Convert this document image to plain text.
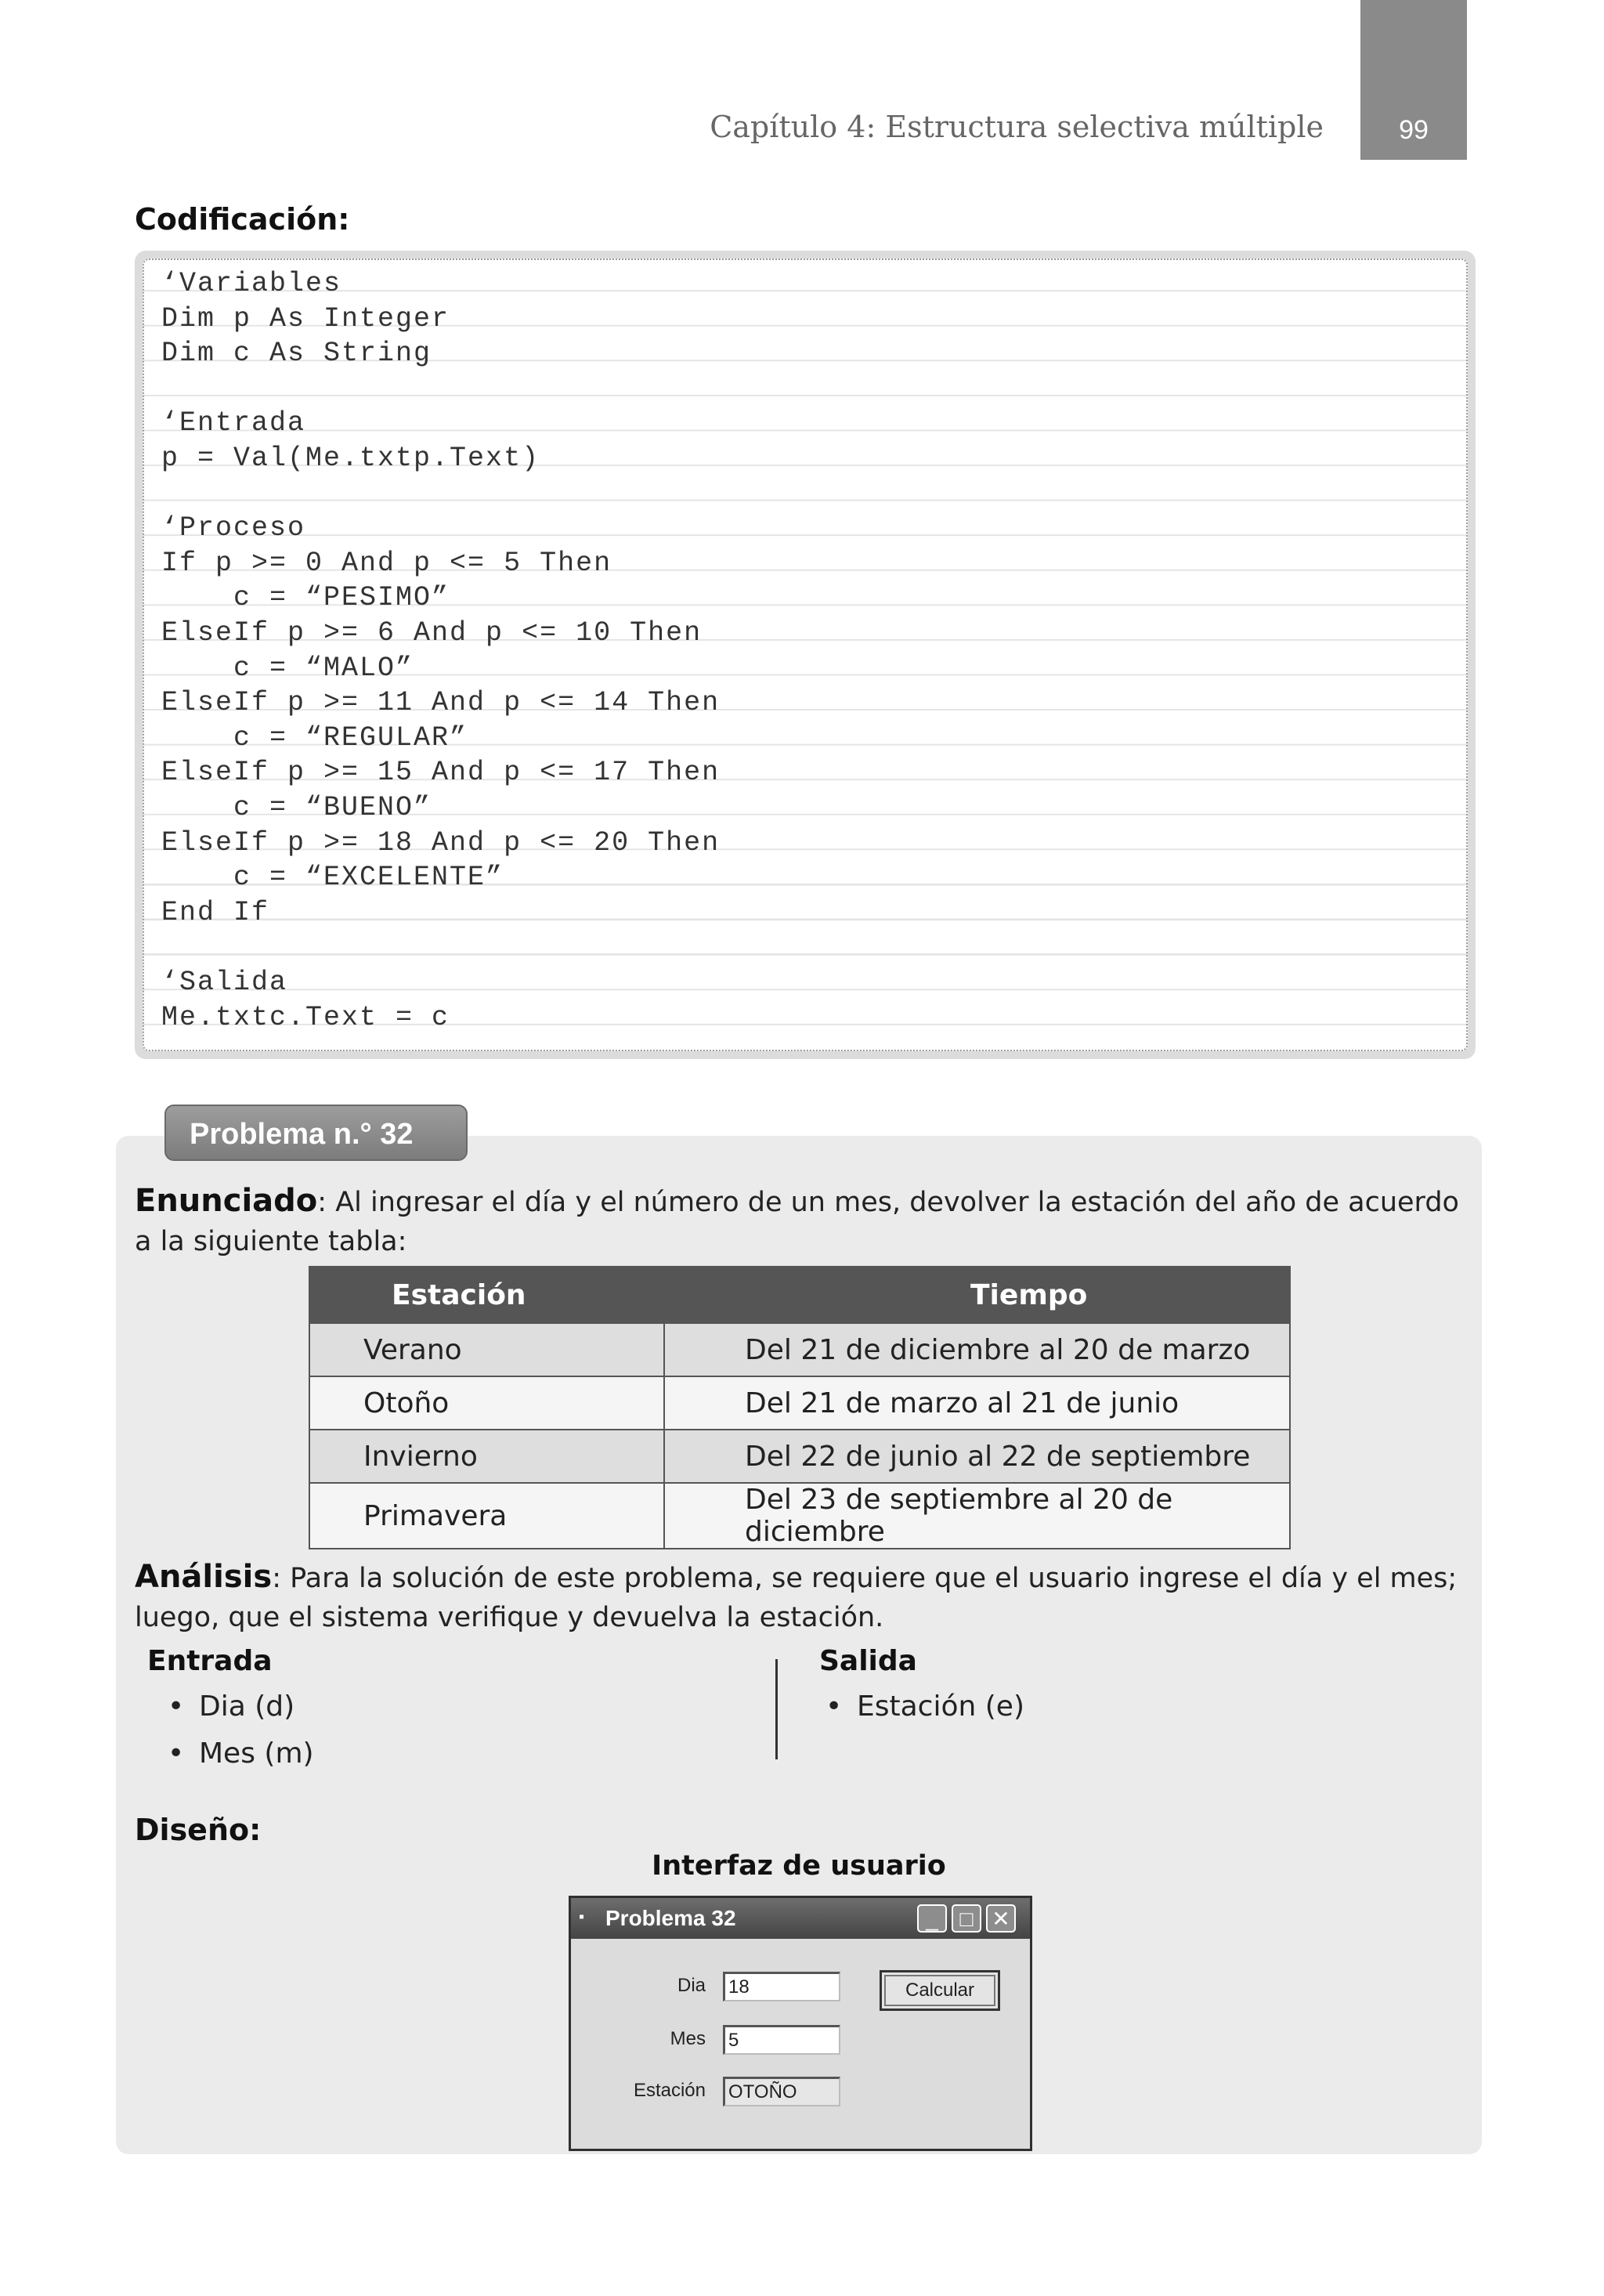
Capítulo 4: Estructura selectiva múltiple	99
Codificación:
‘Variables
Dim p As Integer
Dim c As String
‘Entrada
p = Val(Me.txtp.Text)
‘Proceso
If p >= 0 And p <= 5 Then
c = “PESIMO”
ElseIf p >= 6 And p <= 10 Then
c = “MALO”
ElseIf p >= 11 And p <= 14 Then
c = “REGULAR”
ElseIf p >= 15 And p <= 17 Then
c = “BUENO”
ElseIf p >= 18 And p <= 20 Then
c = “EXCELENTE”
End If
‘Salida
Me.txtc.Text = c
Problema n.° 32
Enunciado: Al ingresar el día y el número de un mes, devolver la estación del año de acuerdo a la siguiente tabla:
Estación	Tiempo
Verano	Del 21 de diciembre al 20 de marzo
Otoño	Del 21 de marzo al 21 de junio
Invierno	Del 22 de junio al 22 de septiembre
Primavera	Del 23 de septiembre al 20 de diciembre
Análisis: Para la solución de este problema, se requiere que el usuario ingrese el día y el mes; luego, que el sistema verifique y devuelva la estación.
Entrada
• Dia (d)
• Mes (m)
Salida
• Estación (e)
Diseño:
Interfaz de usuario
▪ Problema 32	_ □ ✕
Dia 18
Mes 5
Estación OTOÑO
Calcular
